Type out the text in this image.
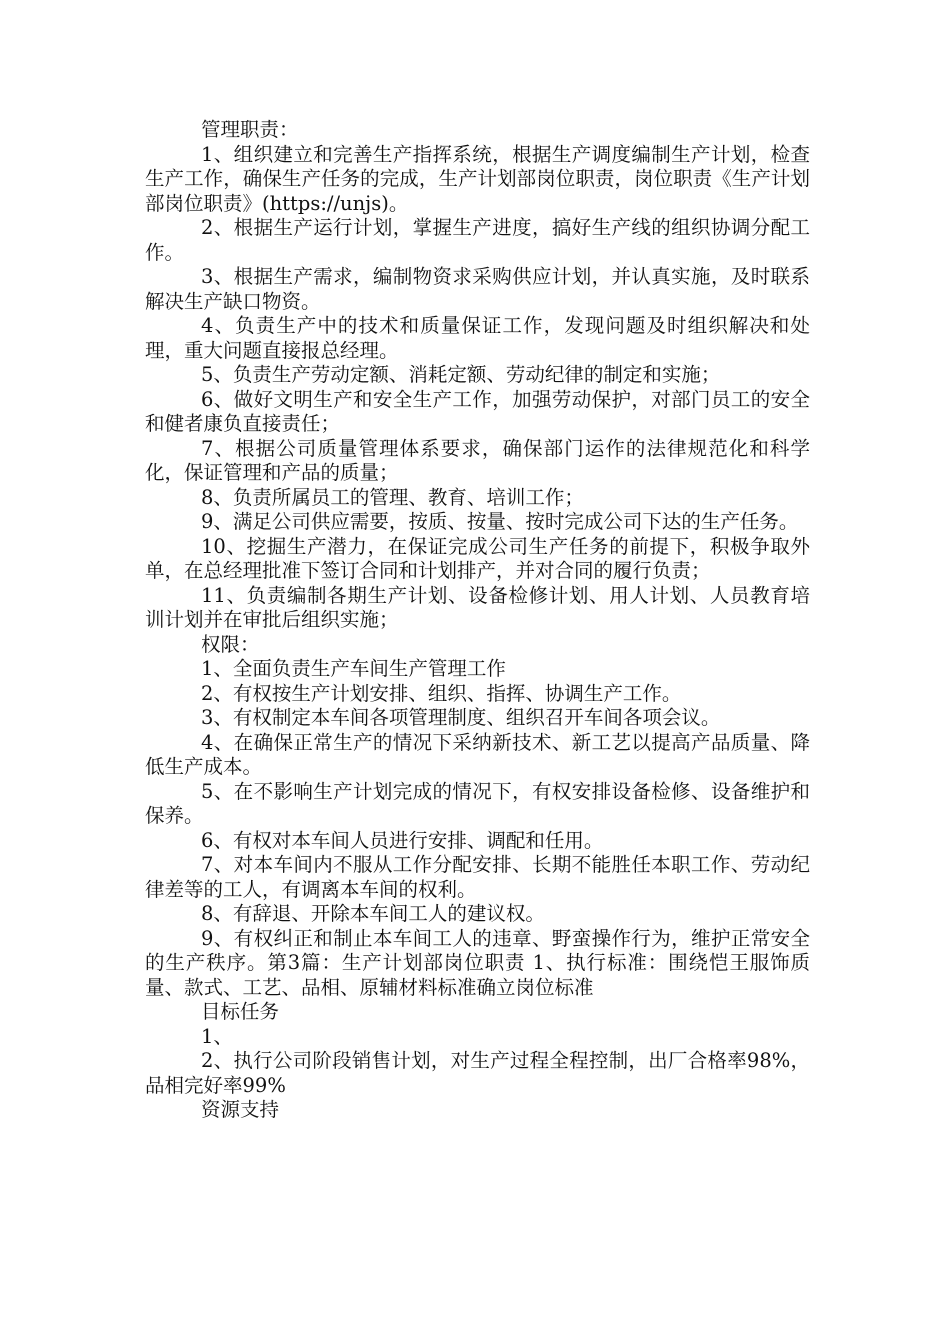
管理职责：

1、组织建立和完善生产指挥系统，根据生产调度编制生产计划，检查生产工作，确保生产任务的完成，生产计划部岗位职责，岗位职责《生产计划部岗位职责》(https://unjs)。

2、根据生产运行计划，掌握生产进度，搞好生产线的组织协调分配工作。

3、根据生产需求，编制物资求采购供应计划，并认真实施，及时联系解决生产缺口物资。

4、负责生产中的技术和质量保证工作，发现问题及时组织解决和处理，重大问题直接报总经理。

5、负责生产劳动定额、消耗定额、劳动纪律的制定和实施；

6、做好文明生产和安全生产工作，加强劳动保护，对部门员工的安全和健者康负直接责任；

7、根据公司质量管理体系要求，确保部门运作的法律规范化和科学化，保证管理和产品的质量；

8、负责所属员工的管理、教育、培训工作；

9、满足公司供应需要，按质、按量、按时完成公司下达的生产任务。

10、挖掘生产潜力，在保证完成公司生产任务的前提下，积极争取外单，在总经理批准下签订合同和计划排产，并对合同的履行负责；

11、负责编制各期生产计划、设备检修计划、用人计划、人员教育培训计划并在审批后组织实施；

权限：

1、全面负责生产车间生产管理工作

2、有权按生产计划安排、组织、指挥、协调生产工作。

3、有权制定本车间各项管理制度、组织召开车间各项会议。

4、在确保正常生产的情况下采纳新技术、新工艺以提高产品质量、降低生产成本。

5、在不影响生产计划完成的情况下，有权安排设备检修、设备维护和保养。

6、有权对本车间人员进行安排、调配和任用。

7、对本车间内不服从工作分配安排、长期不能胜任本职工作、劳动纪律差等的工人，有调离本车间的权利。

8、有辞退、开除本车间工人的建议权。

9、有权纠正和制止本车间工人的违章、野蛮操作行为，维护正常安全的生产秩序。第3篇：生产计划部岗位职责 1、执行标准：围绕恺王服饰质量、款式、工艺、品相、原辅材料标准确立岗位标准

目标任务

1、

2、执行公司阶段销售计划，对生产过程全程控制，出厂合格率98%，品相完好率99%

资源支持
